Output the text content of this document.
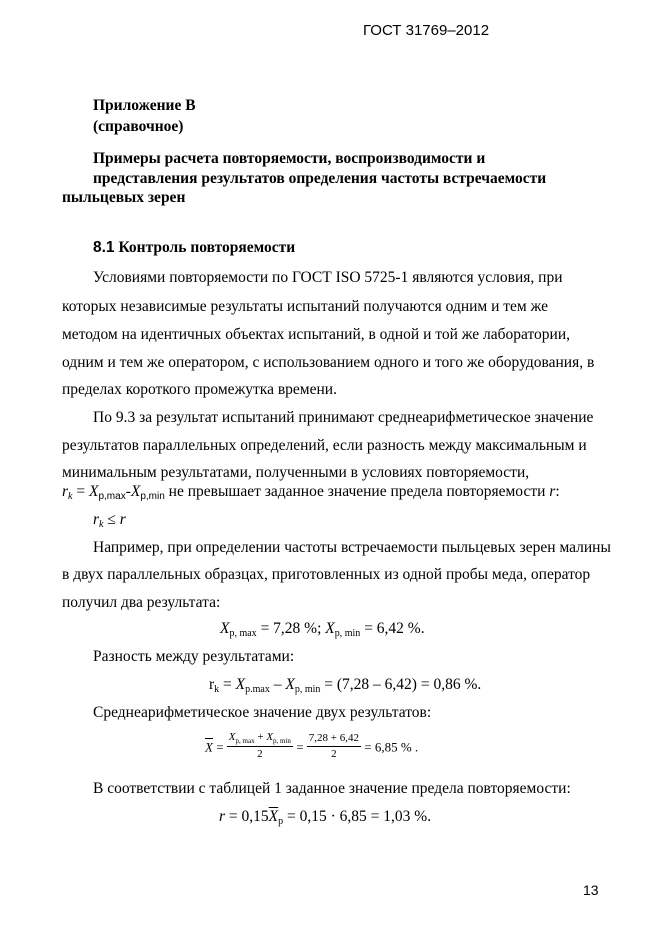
ГОСТ 31769–2012
Приложение В
(справочное)
Примеры расчета повторяемости, воспроизводимости и
представления результатов определения частоты встречаемости
пыльцевых зерен
8.1 Контроль повторяемости
Условиями повторяемости по ГОСТ ISO 5725-1 являются условия, при
которых независимые результаты испытаний получаются одним и тем же
методом на идентичных объектах испытаний, в одной и той же лаборатории,
одним и тем же оператором, с использованием одного и того же оборудования, в
пределах короткого промежутка времени.
По 9.3 за результат испытаний принимают среднеарифметическое значение
результатов параллельных определений, если разность между максимальным и
минимальным результатами, полученными в условиях повторяемости,
$r_k = X_{p,max}-X_{p,min}$ не превышает заданное значение предела повторяемости r:
$r_k \le r$
Например, при определении частоты встречаемости пыльцевых зерен малины
в двух параллельных образцах, приготовленных из одной пробы меда, оператор
получил два результата:
$X_{p, max} = 7,28$ %; $X_{p, min} = 6,42$ %.
Разность между результатами:
$r_k = X_{p.max} - X_{p, min} = (7,28 - 6,42) = 0,86$ %.
Среднеарифметическое значение двух результатов:
$\overline{X} = \frac{X_{p, max} + X_{p, min}}{2} = \frac{7,28 + 6,42}{2} = 6,85$ % .
В соответствии с таблицей 1 заданное значение предела повторяемости:
$r = 0,15\overline{X}_p = 0,15 \cdot 6,85 = 1,03$ %.
13
